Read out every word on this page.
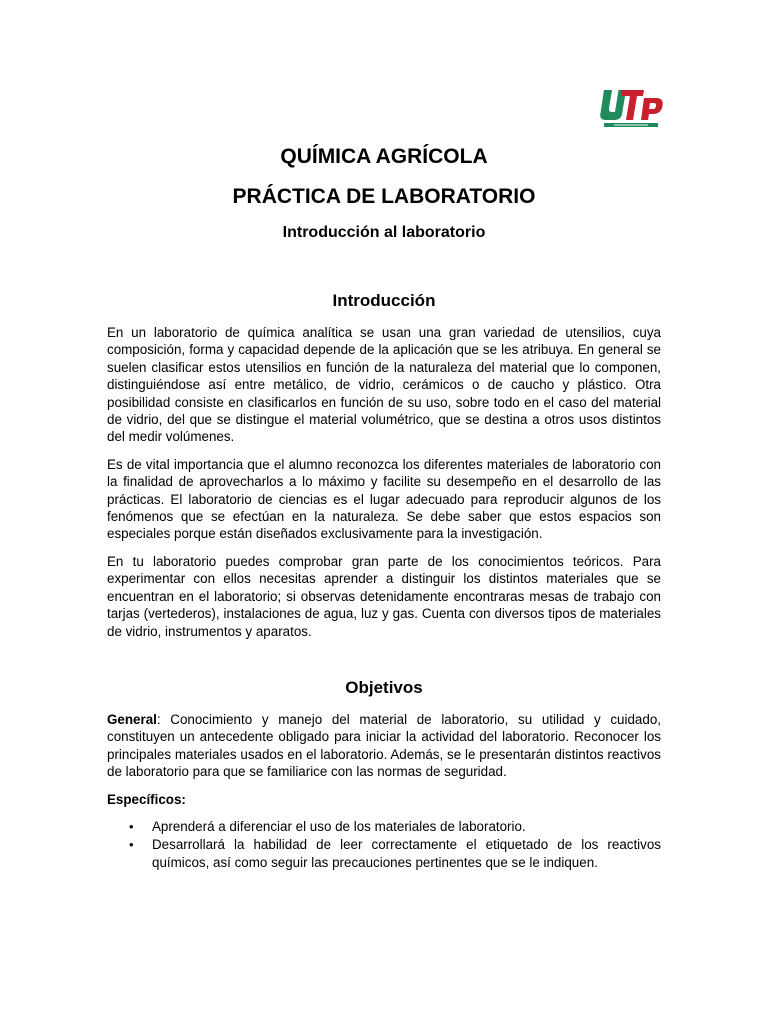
QUÍMICA AGRÍCOLA
PRÁCTICA DE LABORATORIO
Introducción al laboratorio
Introducción

En un laboratorio de química analítica se usan una gran variedad de utensilios, cuya composición, forma y capacidad depende de la aplicación que se les atribuya. En general se suelen clasificar estos utensilios en función de la naturaleza del material que lo componen, distinguiéndose así entre metálico, de vidrio, cerámicos o de caucho y plástico. Otra posibilidad consiste en clasificarlos en función de su uso, sobre todo en el caso del material de vidrio, del que se distingue el material volumétrico, que se destina a otros usos distintos del medir volúmenes.

Es de vital importancia que el alumno reconozca los diferentes materiales de laboratorio con la finalidad de aprovecharlos a lo máximo y facilite su desempeño en el desarrollo de las prácticas. El laboratorio de ciencias es el lugar adecuado para reproducir algunos de los fenómenos que se efectúan en la naturaleza. Se debe saber que estos espacios son especiales porque están diseñados exclusivamente para la investigación.

En tu laboratorio puedes comprobar gran parte de los conocimientos teóricos. Para experimentar con ellos necesitas aprender a distinguir los distintos materiales que se encuentran en el laboratorio; si observas detenidamente encontraras mesas de trabajo con tarjas (vertederos), instalaciones de agua, luz y gas. Cuenta con diversos tipos de materiales de vidrio, instrumentos y aparatos.

Objetivos

General: Conocimiento y manejo del material de laboratorio, su utilidad y cuidado, constituyen un antecedente obligado para iniciar la actividad del laboratorio. Reconocer los principales materiales usados en el laboratorio. Además, se le presentarán distintos reactivos de laboratorio para que se familiarice con las normas de seguridad.

Específicos:

• Aprenderá a diferenciar el uso de los materiales de laboratorio.
• Desarrollará la habilidad de leer correctamente el etiquetado de los reactivos químicos, así como seguir las precauciones pertinentes que se le indiquen.
